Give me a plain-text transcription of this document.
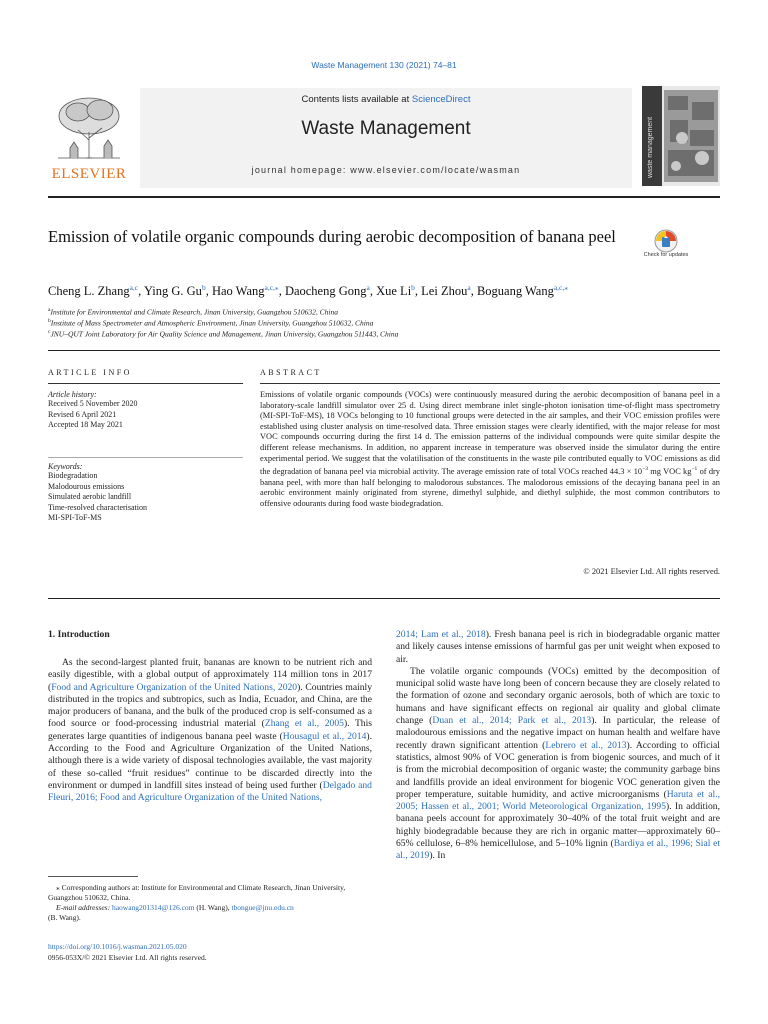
Waste Management 130 (2021) 74–81
ELSEVIER
Contents lists available at ScienceDirect
Waste Management
journal homepage: www.elsevier.com/locate/wasman	waste management
Emission of volatile organic compounds during aerobic decomposition of banana peel
Check for updates
Cheng L. Zhang$^{a,c}$, Ying G. Gu$^b$, Hao Wang$^{a,c,⁎}$, Daocheng Gong$^a$, Xue Li$^b$, Lei Zhou$^a$, Boguang Wang$^{a,c,⁎}$
$^a$Institute for Environmental and Climate Research, Jinan University, Guangzhou 510632, China
$^b$Institute of Mass Spectrometer and Atmospheric Environment, Jinan University, Guangzhou 510632, China
$^c$JNU–QUT Joint Laboratory for Air Quality Science and Management, Jinan University, Guangzhou 511443, China
ARTICLE INFO
Article history:
Received 5 November 2020
Revised 6 April 2021
Accepted 18 May 2021
Keywords:
Biodegradation
Malodourous emissions
Simulated aerobic landfill
Time-resolved characterisation
MI-SPI-ToF-MS
ABSTRACT
Emissions of volatile organic compounds (VOCs) were continuously measured during the aerobic decomposition of banana peel in a laboratory-scale landfill simulator over 25 d. Using direct membrane inlet single-photon ionisation time-of-flight mass spectrometry (MI-SPI-ToF-MS), 18 VOCs belonging to 10 functional groups were detected in the air samples, and their VOC emission profiles were established using cluster analysis on time-resolved data. Three emission stages were clearly identified, with the major release for most VOC compounds occurring during the first 14 d. The emission patterns of the individual compounds were quite similar despite the different release mechanisms. In addition, no apparent increase in temperature was observed inside the simulator during the entire experimental period. We suggest that the volatilisation of the constituents in the waste pile contributed equally to VOC emissions as did the degradation of banana peel via microbial activity. The average emission rate of total VOCs reached $44.3 \times 10^{-3}$ mg VOC $kg^{-1}$ of dry banana peel, with more than half belonging to malodorous substances. The malodorous emissions of the decaying banana peel in an aerobic environment mainly originated from styrene, dimethyl sulphide, and diethyl sulphide, the most common contributors to offensive odourants during food waste biodegradation.
© 2021 Elsevier Ltd. All rights reserved.
1. Introduction

As the second-largest planted fruit, bananas are known to be nutrient rich and easily digestible, with a global output of approximately 114 million tons in 2017 (Food and Agriculture Organization of the United Nations, 2020). Countries mainly distributed in the tropics and subtropics, such as India, Ecuador, and China, are the major producers of banana, and the bulk of the produced crop is self-consumed as a food source or food-processing industrial material (Zhang et al., 2005). This generates large quantities of indigenous banana peel waste (Housagul et al., 2014). According to the Food and Agriculture Organization of the United Nations, although there is a wide variety of disposal technologies available, the vast majority of these so-called “fruit residues” continue to be discarded directly into the environment or dumped in landfill sites instead of being used further (Delgado and Fleuri, 2016; Food and Agriculture Organization of the United Nations,

⁎ Corresponding authors at: Institute for Environmental and Climate Research, Jinan University, Guangzhou 510632, China.
E-mail addresses: haowang201314@126.com (H. Wang), tbongue@jnu.edu.cn
(B. Wang).
https://doi.org/10.1016/j.wasman.2021.05.020
0956-053X/© 2021 Elsevier Ltd. All rights reserved.

2014; Lam et al., 2018). Fresh banana peel is rich in biodegradable organic matter and likely causes intense emissions of harmful gas per unit weight when exposed to air.

The volatile organic compounds (VOCs) emitted by the decomposition of municipal solid waste have long been of concern because they are closely related to the formation of ozone and secondary organic aerosols, both of which are toxic to humans and have significant effects on regional air quality and global climate change (Duan et al., 2014; Park et al., 2013). In particular, the release of malodourous emissions and the negative impact on human health and welfare have recently drawn significant attention (Lebrero et al., 2013). According to official statistics, almost 90% of VOC generation is from biogenic sources, and much of it is from the microbial decomposition of organic waste; the community garbage bins and landfills provide an ideal environment for biogenic VOC generation given the proper temperature, suitable humidity, and active microorganisms (Haruta et al., 2005; Hassen et al., 2001; World Meteorological Organization, 1995). In addition, banana peels account for approximately 30–40% of the total fruit weight and are highly biodegradable because they are rich in organic matter—approximately 60–65% cellulose, 6–8% hemicellulose, and 5–10% lignin (Bardiya et al., 1996; Sial et al., 2019). In
